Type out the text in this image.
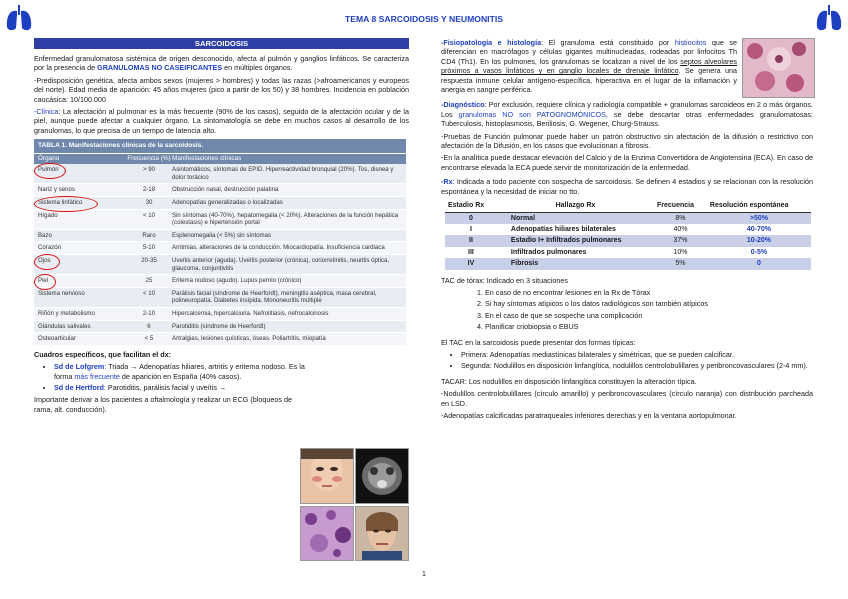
TEMA 8 SARCOIDOSIS Y NEUMONITIS
SARCOIDOSIS

Enfermedad granulomatosa sistémica de origen desconocido, afecta al pulmón y ganglios linfáticos. Se caracteriza por la presencia de GRANULOMAS NO CASEIFICANTES en múltiples órganos.

-Predisposición genética, afecta ambos sexos (mujeres > hombres) y todas las razas (>afroamericanos y europeos del norte). Edad media de aparición: 45 años mujeres (pico a partir de los 50) y 38 hombres. Incidencia en población caucásica: 10/100.000

-Clínica: La afectación al pulmonar es la más frecuente (90% de los casos), seguido de la afectación ocular y de la piel, aunque puede afectar a cualquier órgano. La sintomatología se debe en muchos casos al desarrollo de los granulomas, lo que precisa de un tiempo de latencia alto.

TABLA 1. Manifestaciones clínicas de la sarcoidosis.
Órgano	Frecuencia (%) Manifestaciones clínicas
Pulmón	> 90	Asintomáticos, síntomas de EPID. Hiperreactividad bronquial (20%). Tos, disnea y dolor torácico
Nariz y senos	2-18	Obstrucción nasal, destrucción palatina
Sistema linfático	30	Adenopatías generalizadas o localizadas
Hígado	< 10	Sin síntomas (40-70%), hepatomegalia (< 20%). Alteraciones de la función hepática (colestasis) e hipertensión portal
Bazo	Raro	Esplenomegalia (< 5%) sin síntomas
Corazón	5-10	Arritmias, alteraciones de la conducción. Miocardiopatía. Insuficiencia cardiaca
Ojos	20-35	Uveítis anterior (aguda). Uveítis posterior (crónica), coriorretinitis, neuritis óptica, glaucoma, conjuntivitis
Piel	25	Eritema nodoso (agudo). Lupus pernio (crónico)
Sistema nervioso	< 10	Parálisis facial (síndrome de Heerfordt), meningitis aséptica, masa cerebral, polineuropatía. Diabetes insípida. Mononeuritis múltiple
Riñón y metabolismo	2-10	Hipercalcemia, hipercalciuria. Nefrolitiasis, nefrocalcinosis
Glándulas salivales	6	Parotiditis (síndrome de Heerfordt)
Osteoarticular	< 5	Artralgias, lesiones quísticas, óseas. Poliartritis, miopatía

Cuadros específicos, que facilitan el dx:

• Sd de Lofgrem: Triada → Adenopatías hiliares, artritis y eritema nodoso. Es la forma más frecuente de aparición en España (40% casos).
• Sd de Hertford: Parotiditis, parálisis facial y uveítis →

Importante derivar a los pacientes a oftalmología y realizar un ECG (bloqueos de rama, alt. conducción).

-Fisiopatología e histología: El granuloma está constituido por histiocitos que se diferencian en macrófagos y células gigantes multinucleadas, rodeadas por linfocitos Th CD4 (Th1). En los pulmones, los granulomas se localizan a nivel de los septos alveolares próximos a vasos linfáticos y en ganglio locales de drenaje linfático. Se genera una respuesta inmune celular antígeno-específica, hiperactiva en el lugar de la inflamación y anergia en sangre periférica.

-Diagnóstico: Por exclusión, requiere clínica y radiología compatible + granulomas sarcoideos en 2 o más órganos. Los granulomas NO son PATOGNOMÓNICOS, se debe descartar otras enfermedades granulomatosas: Tuberculosis, histoplasmosis, Beriliosis, G. Wegener, Churg-Strauss.

-Pruebas de Función pulmonar puede haber un patrón obstructivo sin afectación de la difusión o restrictivo con afectación de la Difusión, en los casos que evolucionan a fibrosis.

-En la analítica puede destacar elevación del Calcio y de la Enzima Convertidora de Angiotensina (ECA). En caso de encontrarse elevada la ECA puede servir de monitorización de la enfermedad.

-Rx: Indicada a todo paciente con sospecha de sarcoidosis. Se definen 4 estadios y se relacionan con la resolución espontánea y la necesidad de iniciar no tto.

Estadio Rx	Hallazgo Rx	Frecuencia	Resolución espontánea
0	Normal	8%	>50%
I	Adenopatías hiliares bilaterales	40%	40-70%
II	Estadio I+ Infiltrados pulmonares	37%	10-20%
III	Infiltrados pulmonares	10%	0-5%
IV	Fibrosis	5%	0

TAC de tórax: Indicado en 3 situaciones

1. En caso de no encontrar lesiones en la Rx de Tórax
2. Si hay síntomas atípicos o los datos radiológicos son también atípicos
3. En el caso de que se sospeche una complicación
4. Planificar criobiopsia o EBUS

El TAC en la sarcoidosis puede presentar dos formas típicas:

• Primera: Adenopatías mediastínicas bilaterales y simétricas, que se pueden calcificar.
• Segunda: Nodulillos en disposición linfangítica, nodulillos centrolobulillares y peribroncovasculares (2-4 mm).

TACAR: Los nodulillos en disposición linfangítica constituyen la alteración típica.

-Nodulillos centrolobulillares (círculo amarillo) y peribroncovasculares (círculo naranja) con distribución parcheada en LSD.

-Adenopatías calcificadas paratraqueales inferiores derechas y en la ventana aortopulmonar.

1
